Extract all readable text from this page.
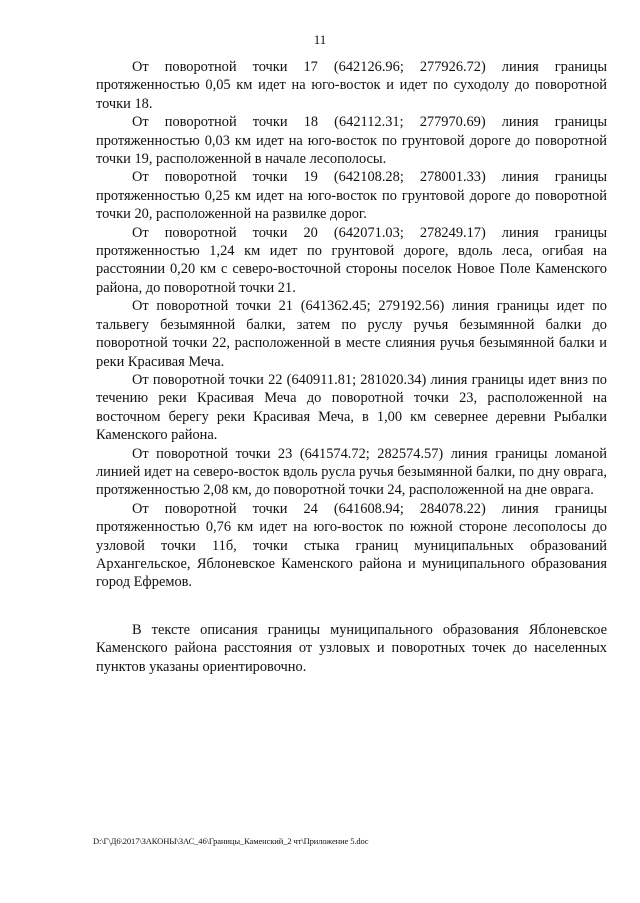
11

От поворотной точки 17 (642126.96; 277926.72) линия границы протяженностью 0,05 км идет на юго-восток и идет по суходолу до поворотной точки 18.

От поворотной точки 18 (642112.31; 277970.69) линия границы протяженностью 0,03 км идет на юго-восток по грунтовой дороге до поворотной точки 19, расположенной в начале лесополосы.

От поворотной точки 19 (642108.28; 278001.33) линия границы протяженностью 0,25 км идет на юго-восток по грунтовой дороге до поворотной точки 20, расположенной на развилке дорог.

От поворотной точки 20 (642071.03; 278249.17) линия границы протяженностью 1,24 км идет по грунтовой дороге, вдоль леса, огибая на расстоянии 0,20 км с северо-восточной стороны поселок Новое Поле Каменского района, до поворотной точки 21.

От поворотной точки 21 (641362.45; 279192.56) линия границы идет по тальвегу безымянной балки, затем по руслу ручья безымянной балки до поворотной точки 22, расположенной в месте слияния ручья безымянной балки и реки Красивая Меча.

От поворотной точки 22 (640911.81; 281020.34) линия границы идет вниз по течению реки Красивая Меча до поворотной точки 23, расположенной на восточном берегу реки Красивая Меча, в 1,00 км севернее деревни Рыбалки Каменского района.

От поворотной точки 23 (641574.72; 282574.57) линия границы ломаной линией идет на северо-восток вдоль русла ручья безымянной балки, по дну оврага, протяженностью 2,08 км, до поворотной точки 24, расположенной на дне оврага.

От поворотной точки 24 (641608.94; 284078.22) линия границы протяженностью 0,76 км идет на юго-восток по южной стороне лесополосы до узловой точки 11б, точки стыка границ муниципальных образований Архангельское, Яблоневское Каменского района и муниципального образования город Ефремов.

В тексте описания границы муниципального образования Яблоневское Каменского района расстояния от узловых и поворотных точек до населенных пунктов указаны ориентировочно.

D:\Г\Д6\2017\ЗАКОНЫ\ЗАС_46\Границы_Каменский_2 чт\Приложение 5.doc
